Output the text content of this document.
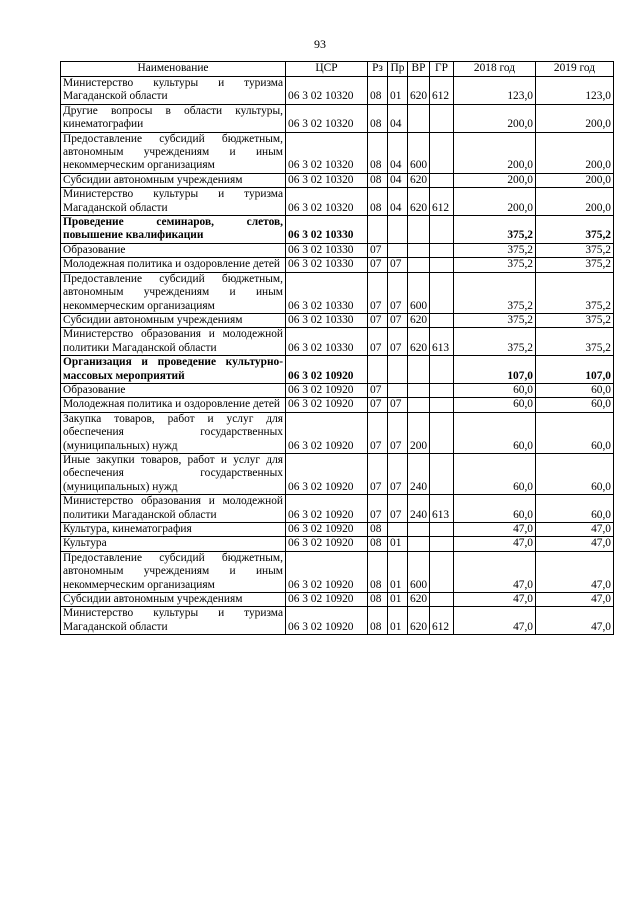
93
Наименование	ЦСР	Рз	Пр	ВР	ГР	2018 год	2019 год
Министерство культуры и туризма Магаданской области	06 3 02 10320	08	01	620	612	123,0	123,0
Другие вопросы в области культуры, кинематографии	06 3 02 10320	08	04			200,0	200,0
Предоставление субсидий бюджетным, автономным учреждениям и иным некоммерческим организациям	06 3 02 10320	08	04	600		200,0	200,0
Субсидии автономным учреждениям	06 3 02 10320	08	04	620		200,0	200,0
Министерство культуры и туризма Магаданской области	06 3 02 10320	08	04	620	612	200,0	200,0
Проведение семинаров, слетов, повышение квалификации	06 3 02 10330					375,2	375,2
Образование	06 3 02 10330	07				375,2	375,2
Молодежная политика и оздоровление детей	06 3 02 10330	07	07			375,2	375,2
Предоставление субсидий бюджетным, автономным учреждениям и иным некоммерческим организациям	06 3 02 10330	07	07	600		375,2	375,2
Субсидии автономным учреждениям	06 3 02 10330	07	07	620		375,2	375,2
Министерство образования и молодежной политики Магаданской области	06 3 02 10330	07	07	620	613	375,2	375,2
Организация и проведение культурно-массовых мероприятий	06 3 02 10920					107,0	107,0
Образование	06 3 02 10920	07				60,0	60,0
Молодежная политика и оздоровление детей	06 3 02 10920	07	07			60,0	60,0
Закупка товаров, работ и услуг для обеспечения государственных (муниципальных) нужд	06 3 02 10920	07	07	200		60,0	60,0
Иные закупки товаров, работ и услуг для обеспечения государственных (муниципальных) нужд	06 3 02 10920	07	07	240		60,0	60,0
Министерство образования и молодежной политики Магаданской области	06 3 02 10920	07	07	240	613	60,0	60,0
Культура, кинематография	06 3 02 10920	08				47,0	47,0
Культура	06 3 02 10920	08	01			47,0	47,0
Предоставление субсидий бюджетным, автономным учреждениям и иным некоммерческим организациям	06 3 02 10920	08	01	600		47,0	47,0
Субсидии автономным учреждениям	06 3 02 10920	08	01	620		47,0	47,0
Министерство культуры и туризма Магаданской области	06 3 02 10920	08	01	620	612	47,0	47,0
